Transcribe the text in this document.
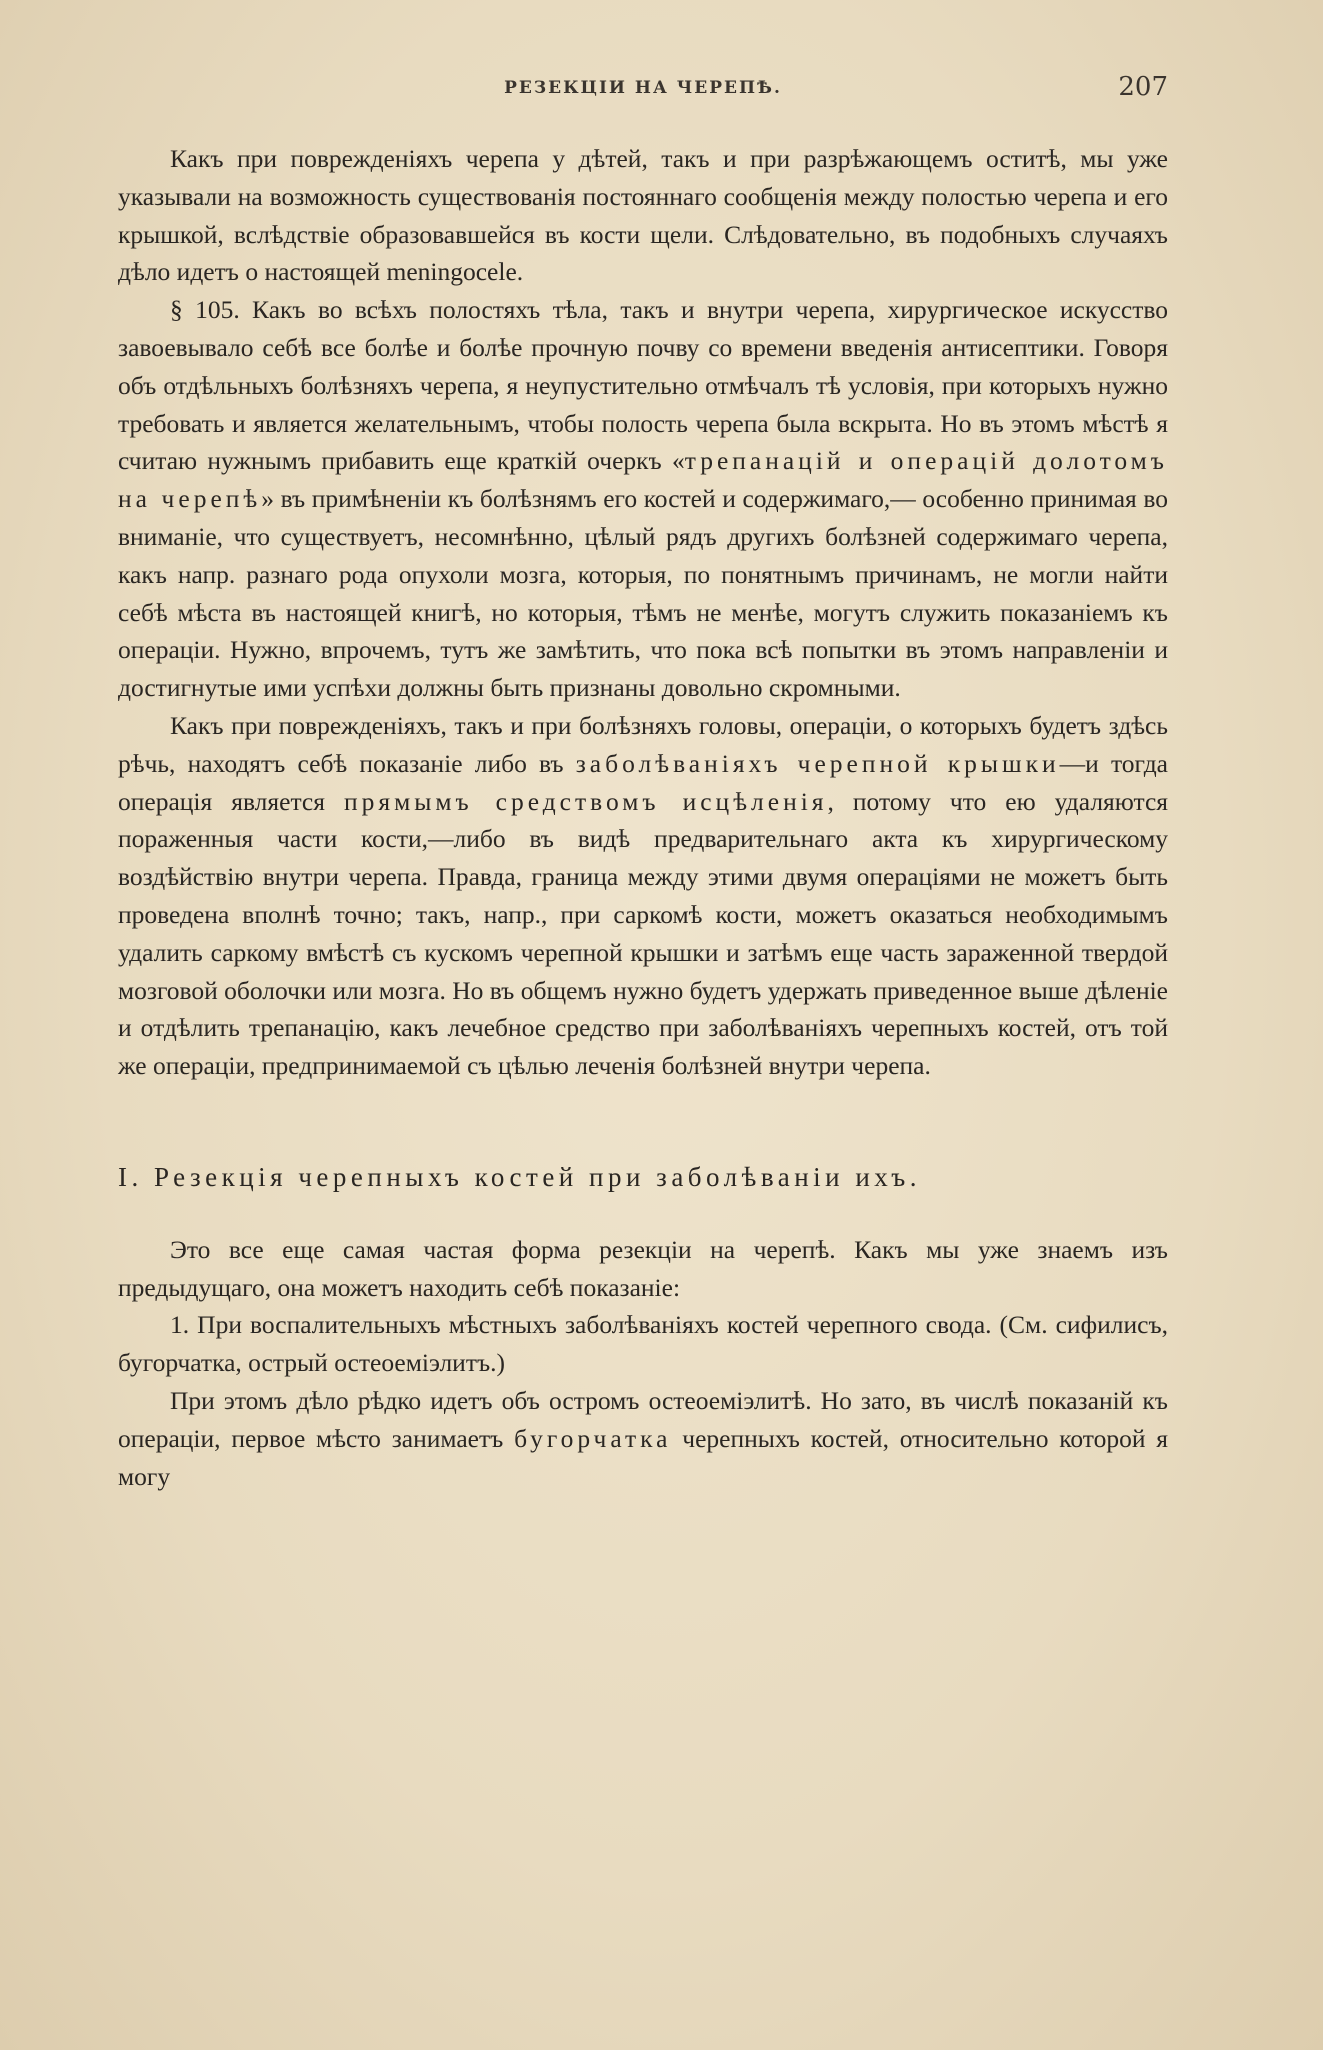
РЕЗЕКЦІИ НА ЧЕРЕПѢ.	207

Какъ при поврежденіяхъ черепа у дѣтей, такъ и при разрѣжающемъ оститѣ, мы уже указывали на возможность существованія постояннаго сообщенія между полостью черепа и его крышкой, вслѣдствіе образовавшейся въ кости щели. Слѣдовательно, въ подобныхъ случаяхъ дѣло идетъ о настоящей meningocele.

§ 105. Какъ во всѣхъ полостяхъ тѣла, такъ и внутри черепа, хирургическое искусство завоевывало себѣ все болѣе и болѣе прочную почву со времени введенія антисептики. Говоря объ отдѣльныхъ болѣзняхъ черепа, я неупустительно отмѣчалъ тѣ условія, при которыхъ нужно требовать и является желательнымъ, чтобы полость черепа была вскрыта. Но въ этомъ мѣстѣ я считаю нужнымъ прибавить еще краткій очеркъ «трепанацій и операцій долотомъ на черепѣ» въ примѣненіи къ болѣзнямъ его костей и содержимаго,— особенно принимая во вниманіе, что существуетъ, несомнѣнно, цѣлый рядъ другихъ болѣзней содержимаго черепа, какъ напр. разнаго рода опухоли мозга, которыя, по понятнымъ причинамъ, не могли найти себѣ мѣста въ настоящей книгѣ, но которыя, тѣмъ не менѣе, могутъ служить показаніемъ къ операціи. Нужно, впрочемъ, тутъ же замѣтить, что пока всѣ попытки въ этомъ направленіи и достигнутые ими успѣхи должны быть признаны довольно скромными.

Какъ при поврежденіяхъ, такъ и при болѣзняхъ головы, операціи, о которыхъ будетъ здѣсь рѣчь, находятъ себѣ показаніе либо въ заболѣваніяхъ черепной крышки—и тогда операція является прямымъ средствомъ исцѣленія, потому что ею удаляются пораженныя части кости,—либо въ видѣ предварительнаго акта къ хирургическому воздѣйствію внутри черепа. Правда, граница между этими двумя операціями не можетъ быть проведена вполнѣ точно; такъ, напр., при саркомѣ кости, можетъ оказаться необходимымъ удалить саркому вмѣстѣ съ кускомъ черепной крышки и затѣмъ еще часть зараженной твердой мозговой оболочки или мозга. Но въ общемъ нужно будетъ удержать приведенное выше дѣленіе и отдѣлить трепанацію, какъ лечебное средство при заболѣваніяхъ черепныхъ костей, отъ той же операціи, предпринимаемой съ цѣлью леченія болѣзней внутри черепа.

I. Резекція черепныхъ костей при заболѣваніи ихъ.

Это все еще самая частая форма резекціи на черепѣ. Какъ мы уже знаемъ изъ предыдущаго, она можетъ находить себѣ показаніе:

1. При воспалительныхъ мѣстныхъ заболѣваніяхъ костей черепного свода. (См. сифилисъ, бугорчатка, острый остеоеміэлитъ.)

При этомъ дѣло рѣдко идетъ объ остромъ остеоеміэлитѣ. Но зато, въ числѣ показаній къ операціи, первое мѣсто занимаетъ бугорчатка черепныхъ костей, относительно которой я могу
